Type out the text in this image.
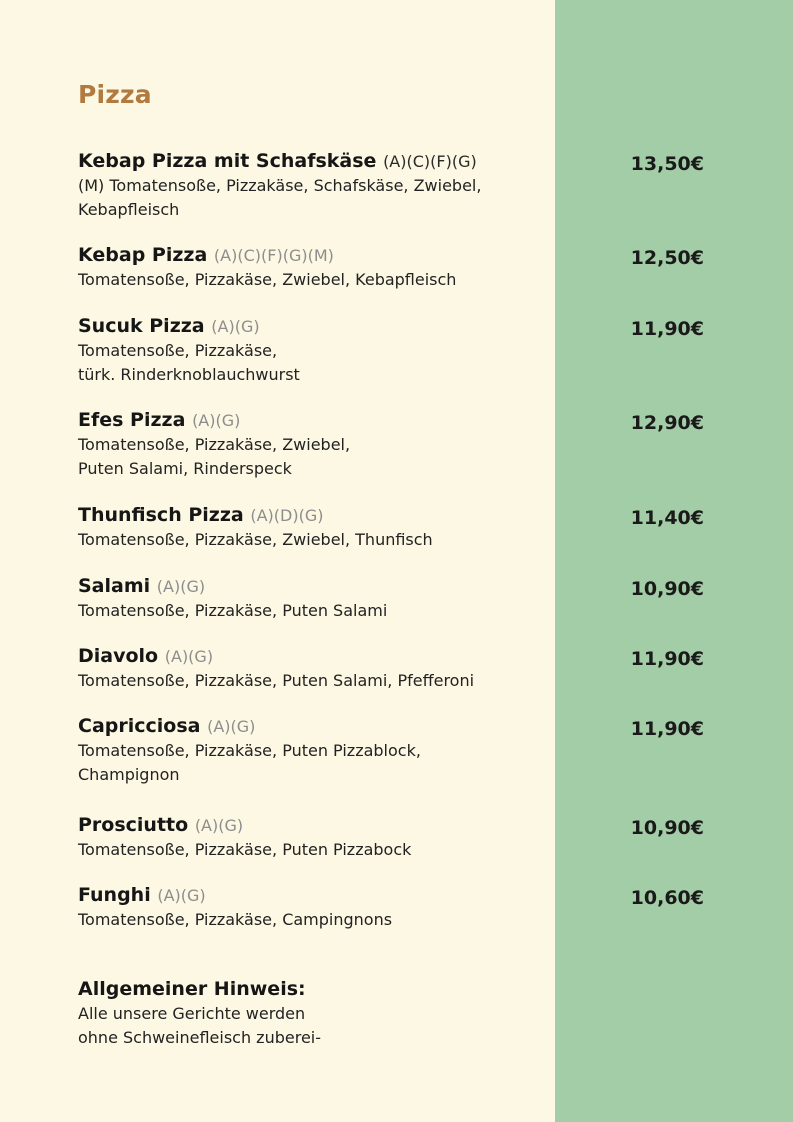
Pizza
Kebap Pizza mit Schafskäse (A)(C)(F)(G)
(M) Tomatensoße, Pizzakäse, Schafskäse, Zwiebel,
Kebapfleisch
13,50€
Kebap Pizza (A)(C)(F)(G)(M)
Tomatensoße, Pizzakäse, Zwiebel, Kebapfleisch
12,50€
Sucuk Pizza (A)(G)
Tomatensoße, Pizzakäse,
türk. Rinderknoblauchwurst
11,90€
Efes Pizza (A)(G)
Tomatensoße, Pizzakäse, Zwiebel,
Puten Salami, Rinderspeck
12,90€
Thunfisch Pizza (A)(D)(G)
Tomatensoße, Pizzakäse, Zwiebel, Thunfisch
11,40€
Salami (A)(G)
Tomatensoße, Pizzakäse, Puten Salami
10,90€
Diavolo (A)(G)
Tomatensoße, Pizzakäse, Puten Salami, Pfefferoni
11,90€
Capricciosa (A)(G)
Tomatensoße, Pizzakäse, Puten Pizzablock,
Champignon
11,90€
Prosciutto (A)(G)
Tomatensoße, Pizzakäse, Puten Pizzabock
10,90€
Funghi (A)(G)
Tomatensoße, Pizzakäse, Campingnons
10,60€
Allgemeiner Hinweis:
Alle unsere Gerichte werden
ohne Schweinefleisch zuberei-
